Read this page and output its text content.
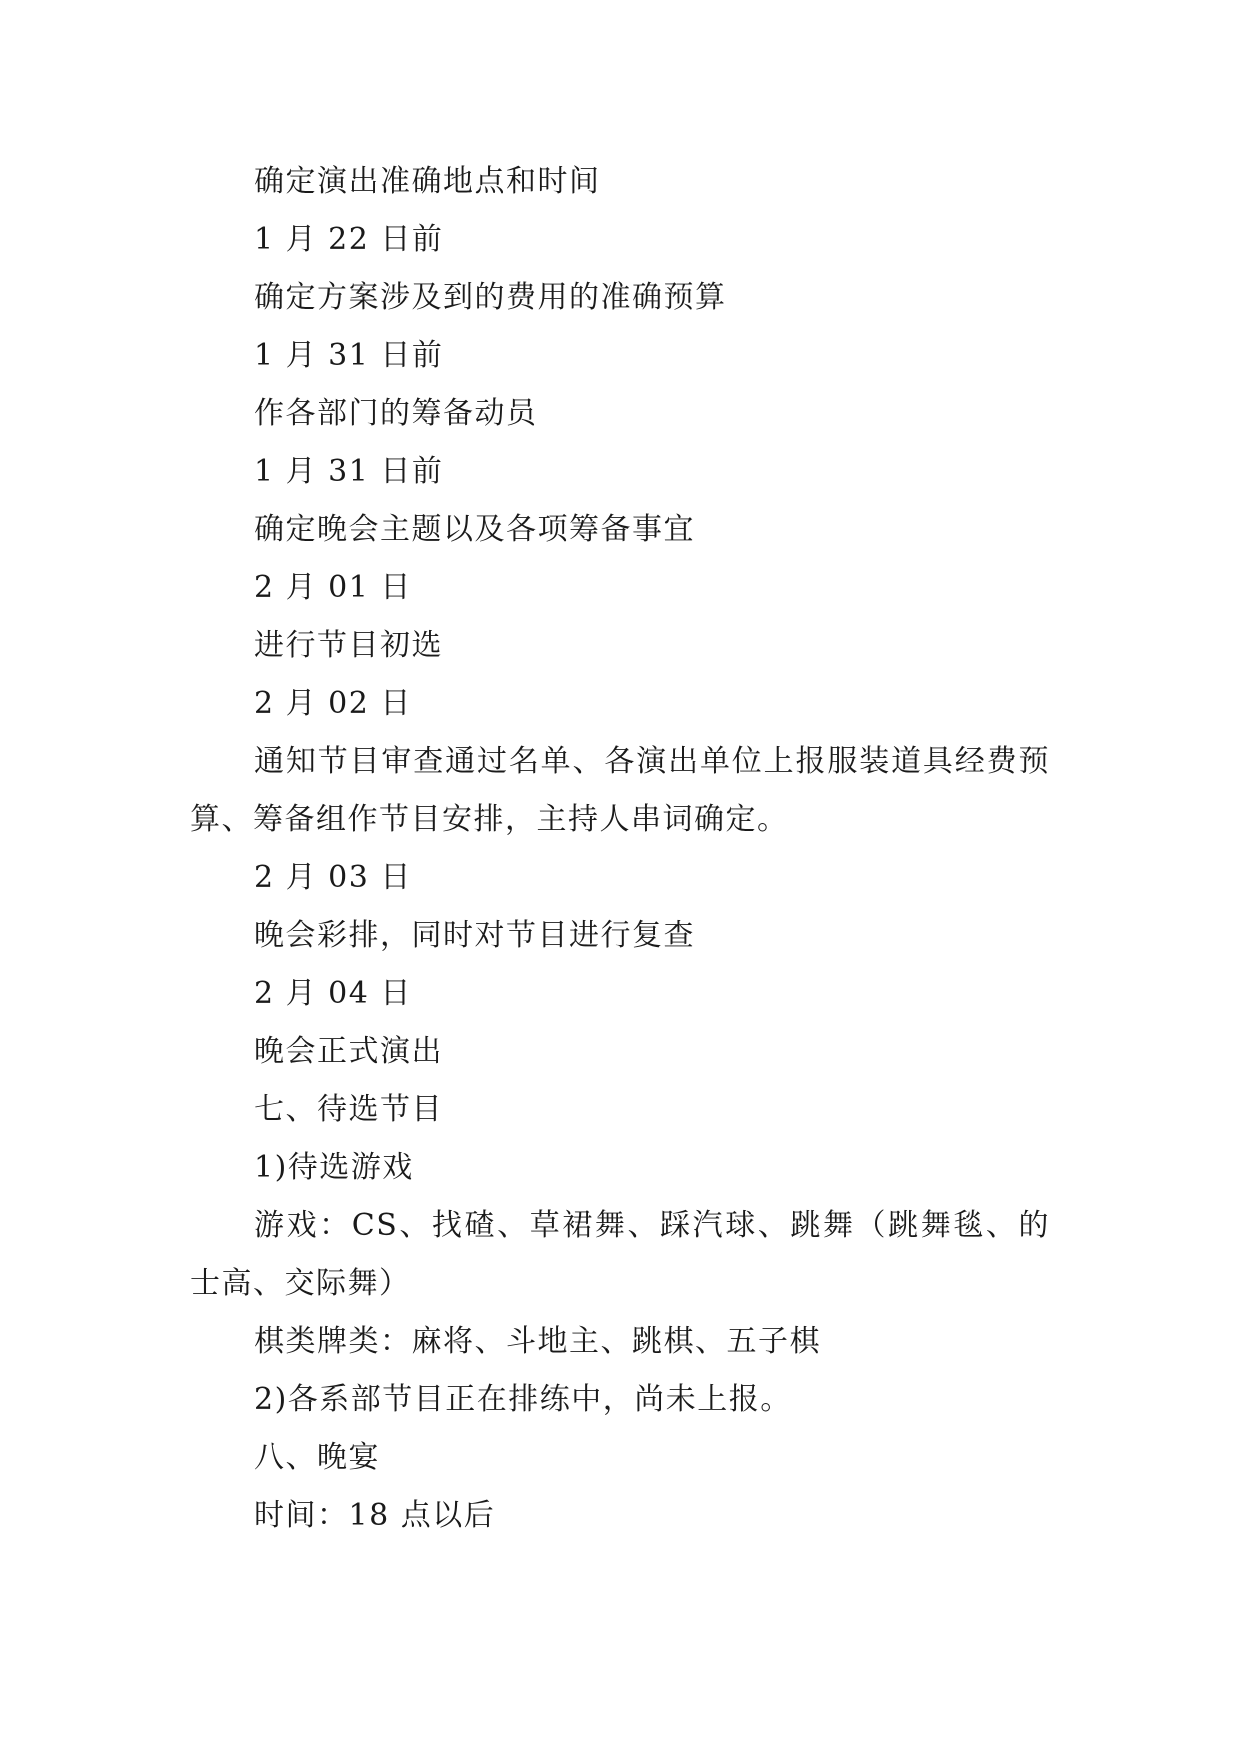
确定演出准确地点和时间
1 月 22 日前
确定方案涉及到的费用的准确预算
1 月 31 日前
作各部门的筹备动员
1 月 31 日前
确定晚会主题以及各项筹备事宜
2 月 01 日
进行节目初选
2 月 02 日
通知节目审查通过名单、各演出单位上报服装道具经费预算、筹备组作节目安排，主持人串词确定。
2 月 03 日
晚会彩排，同时对节目进行复查
2 月 04 日
晚会正式演出
七、待选节目
1)待选游戏
游戏：CS、找碴、草裙舞、踩汽球、跳舞（跳舞毯、的士高、交际舞）
棋类牌类：麻将、斗地主、跳棋、五子棋
2)各系部节目正在排练中，尚未上报。
八、晚宴
时间：18 点以后
